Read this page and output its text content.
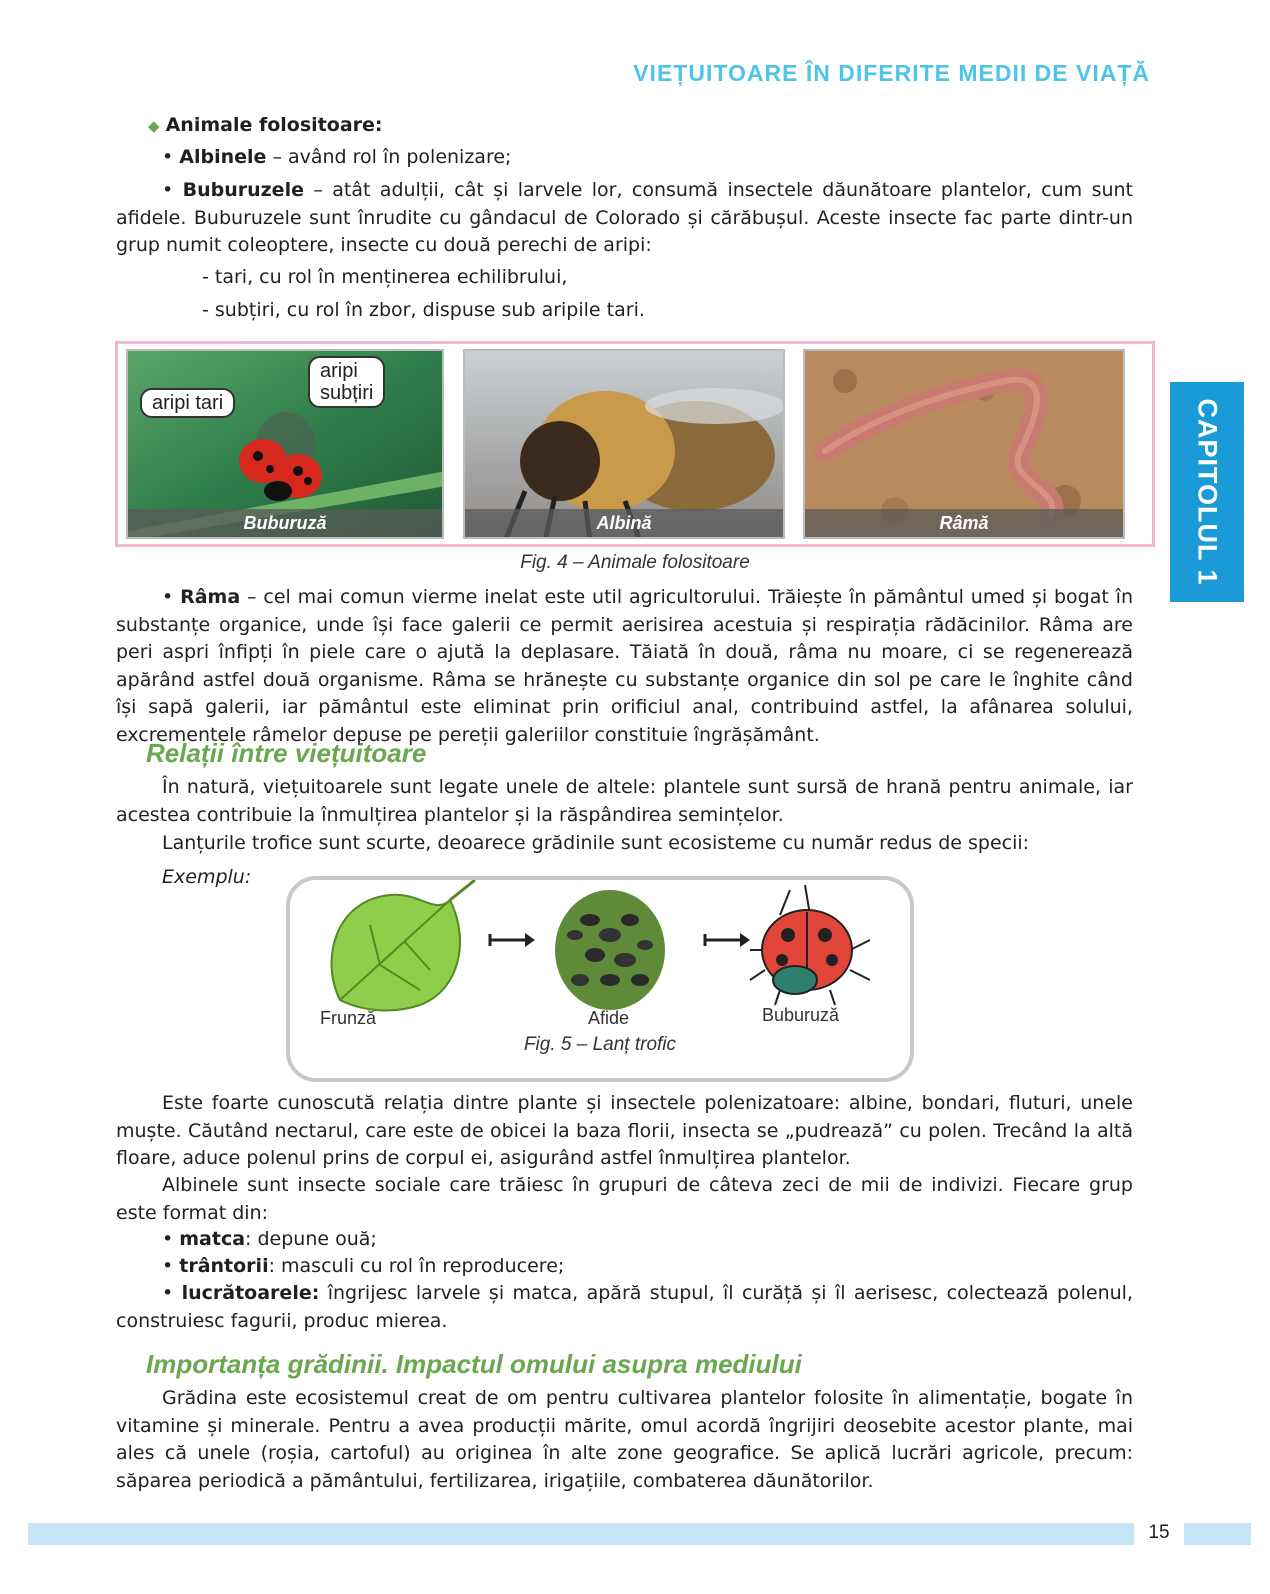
VIEȚUITOARE ÎN DIFERITE MEDII DE VIAȚĂ
CAPITOLUL 1
◆ Animale folositoare:
• Albinele – având rol în polenizare;
• Buburuzele – atât adulții, cât și larvele lor, consumă insectele dăunătoare plantelor, cum sunt afidele. Buburuzele sunt înrudite cu gândacul de Colorado și cărăbușul. Aceste insecte fac parte dintr-un grup numit coleoptere, insecte cu două perechi de aripi:
- tari, cu rol în menținerea echilibrului,
- subțiri, cu rol în zbor, dispuse sub aripile tari.
Buburuză
aripi tari
aripi
subțiri
Albină	Râmă
Fig. 4 – Animale folositoare
• Râma – cel mai comun vierme inelat este util agricultorului. Trăiește în pământul umed și bogat în substanțe organice, unde își face galerii ce permit aerisirea acestuia și respirația rădăcinilor. Râma are peri aspri înfipți în piele care o ajută la deplasare. Tăiată în două, râma nu moare, ci se regenerează apărând astfel două organisme. Râma se hrănește cu substanțe organice din sol pe care le înghite când își sapă galerii, iar pământul este eliminat prin orificiul anal, contribuind astfel, la afânarea solului, excrementele râmelor depuse pe pereții galeriilor constituie îngrășământ.
Relații între viețuitoare
În natură, viețuitoarele sunt legate unele de altele: plantele sunt sursă de hrană pentru animale, iar acestea contribuie la înmulțirea plantelor și la răspândirea semințelor.
Lanțurile trofice sunt scurte, deoarece grădinile sunt ecosisteme cu număr redus de specii:
Exemplu:
Frunză	Afide	Buburuză
Fig. 5 – Lanț trofic
Este foarte cunoscută relația dintre plante și insectele polenizatoare: albine, bondari, fluturi, unele muște. Căutând nectarul, care este de obicei la baza florii, insecta se „pudrează” cu polen. Trecând la altă floare, aduce polenul prins de corpul ei, asigurând astfel înmulțirea plantelor.
Albinele sunt insecte sociale care trăiesc în grupuri de câteva zeci de mii de indivizi. Fiecare grup este format din:
• matca: depune ouă;
• trântorii: masculi cu rol în reproducere;
• lucrătoarele: îngrijesc larvele și matca, apără stupul, îl curăță și îl aerisesc, colectează polenul, construiesc fagurii, produc mierea.
Importanța grădinii. Impactul omului asupra mediului
Grădina este ecosistemul creat de om pentru cultivarea plantelor folosite în alimentație, bogate în vitamine și minerale. Pentru a avea producții mărite, omul acordă îngrijiri deosebite acestor plante, mai ales că unele (roșia, cartoful) au originea în alte zone geografice. Se aplică lucrări agricole, precum: săparea periodică a pământului, fertilizarea, irigațiile, combaterea dăunătorilor.
15
